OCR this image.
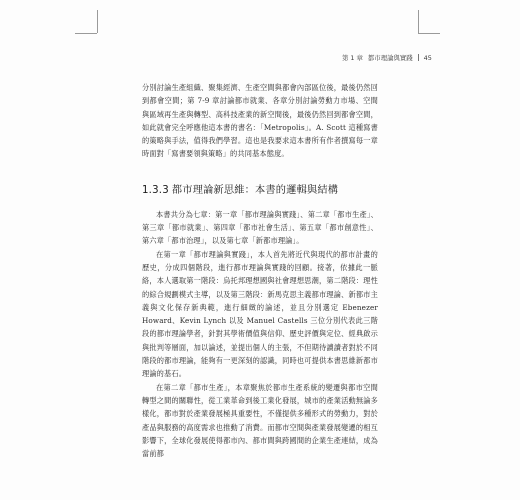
第 1 章 都市理論與實踐 45

分別討論生產組織、聚集經濟、生產空間與都會內部區位後，最後仍然回到都會空間；第 7-9 章討論都市就業、各章分別討論勞動力市場、空間與區域再生產與轉型、高科技產業的新空間後，最後仍然回到都會空間，如此就會完全呼應他這本書的書名：「Metropolis」。A. Scott 這種寫書的策略與手法，值得我們學習。這也是我要求這本書所有作者撰寫每一章時面對「寫書要領與策略」的共同基本態度。

1.3.3 都市理論新思維：本書的邏輯與結構

本書共分為七章：第一章「都市理論與實踐」、第二章「都市生產」、第三章「都市就業」、第四章「都市社會生活」、第五章「都市創意性」、第六章「都市治理」，以及第七章「新都市理論」。

在第一章「都市理論與實踐」，本人首先將近代與現代的都市計畫的歷史，分成四個階段，進行都市理論與實踐的回顧。接著，依據此一脈絡，本人選取第一階段：烏托邦理想國與社會理想思潮，第二階段：理性的綜合規劃模式主導，以及第三階段：新馬克思主義都市理論、新都市主義與文化保存新典範，進行細緻的論述，並且分別選定 Ebenezer Howard、Kevin Lynch 以及 Manuel Castells 三位分別代表此三階段的都市理論學者，針對其學術價值與信仰、歷史評價與定位、經典啟示與批判等層面，加以論述，並提出個人的主張，不但期待讀讀者對於不同階段的都市理論，能夠有一更深刻的認識，同時也可提供本書思維新都市理論的基石。

在第二章「都市生產」，本章聚焦於都市生產系統的變遷與都市空間轉型之間的關聯性，從工業革命到後工業化發展，城市的產業活動無論多樣化，都市對於產業發展極具重要性，不僅提供多種形式的勞動力，對於產品與服務的高度需求也推動了消費。而都市空間與產業發展變遷的相互影響下，全球化發展使得都市內、都市間與跨國間的企業生產連結，成為當前都
